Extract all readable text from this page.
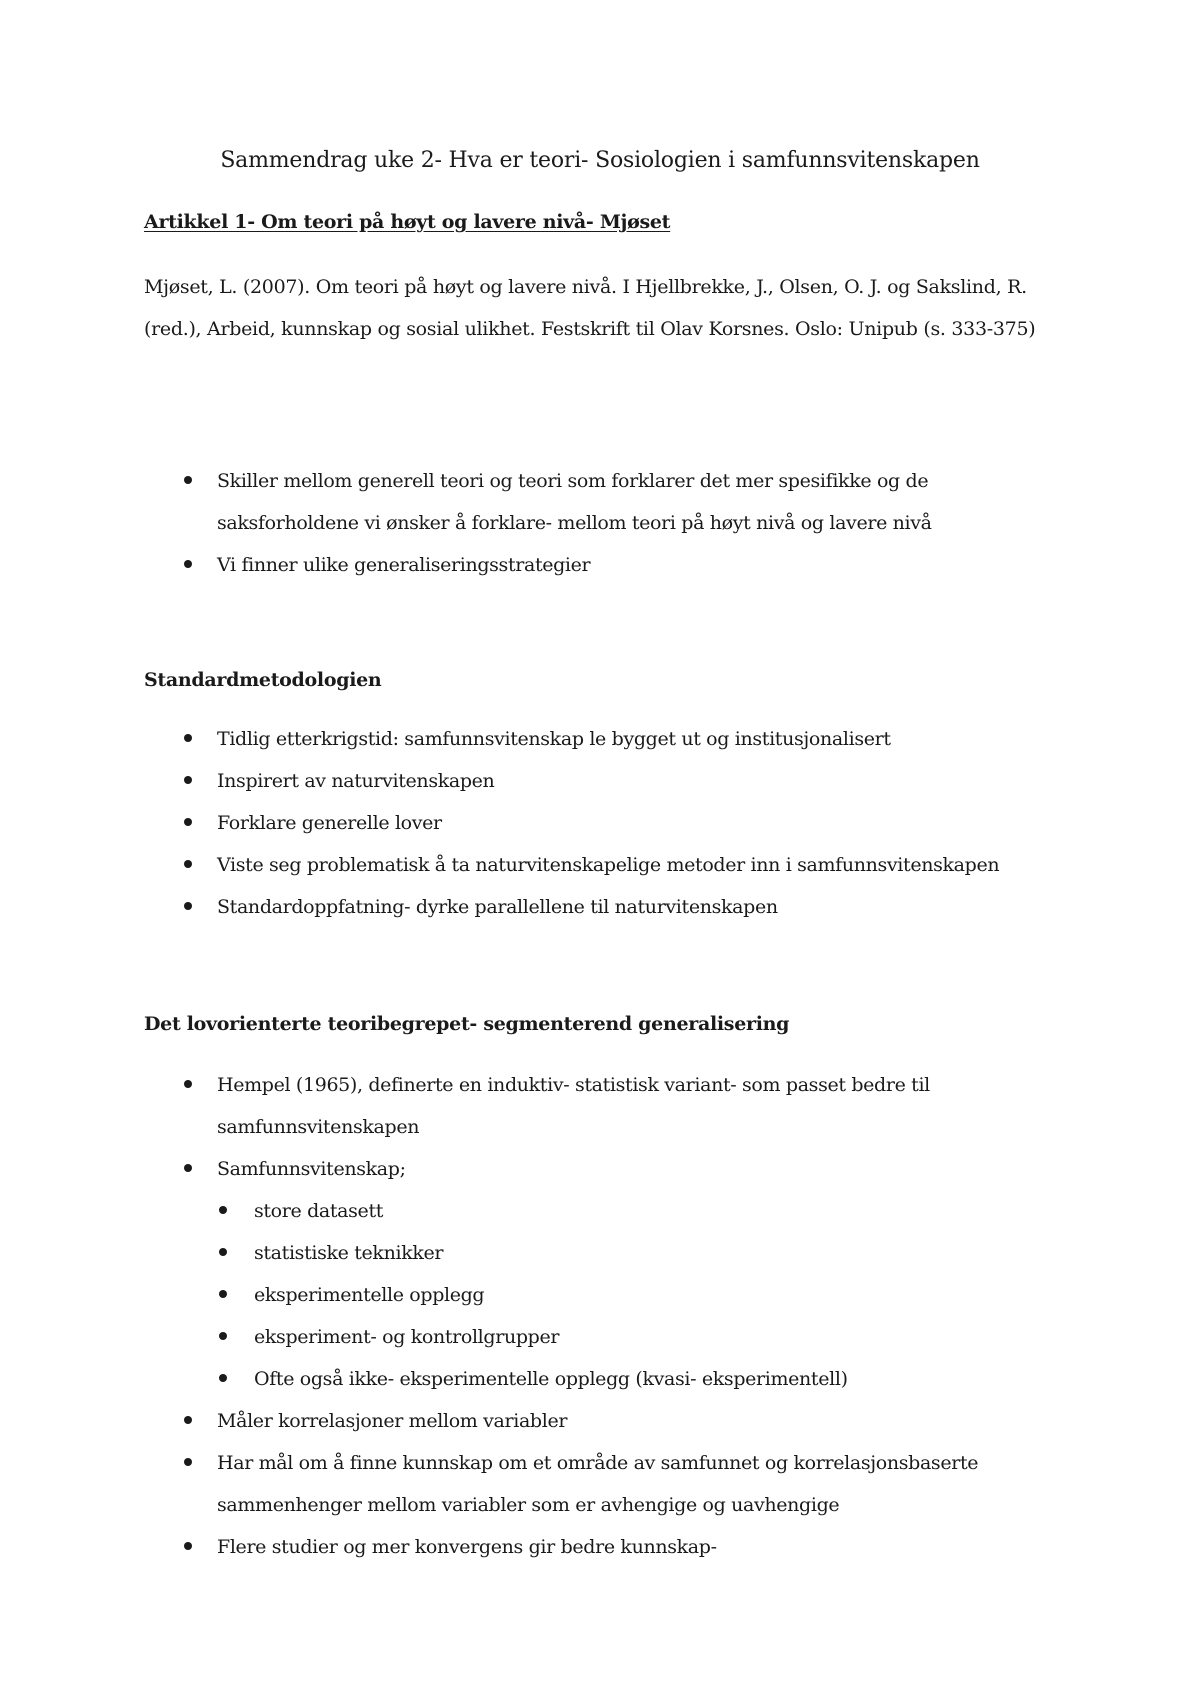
Sammendrag uke 2- Hva er teori- Sosiologien i samfunnsvitenskapen
Artikkel 1- Om teori på høyt og lavere nivå- Mjøset

Mjøset, L. (2007). Om teori på høyt og lavere nivå. I Hjellbrekke, J., Olsen, O. J. og Sakslind, R. (red.), Arbeid, kunnskap og sosial ulikhet. Festskrift til Olav Korsnes. Oslo: Unipub (s. 333-375)

Skiller mellom generell teori og teori som forklarer det mer spesifikke og de saksforholdene vi ønsker å forklare- mellom teori på høyt nivå og lavere nivå
Vi finner ulike generaliseringsstrategier
Standardmetodologien
Tidlig etterkrigstid: samfunnsvitenskap le bygget ut og institusjonalisert
Inspirert av naturvitenskapen
Forklare generelle lover
Viste seg problematisk å ta naturvitenskapelige metoder inn i samfunnsvitenskapen
Standardoppfatning- dyrke parallellene til naturvitenskapen
Det lovorienterte teoribegrepet- segmenterend generalisering
Hempel (1965), definerte en induktiv- statistisk variant- som passet bedre til samfunnsvitenskapen
Samfunnsvitenskap;
store datasett
statistiske teknikker
eksperimentelle opplegg
eksperiment- og kontrollgrupper
Ofte også ikke- eksperimentelle opplegg (kvasi- eksperimentell)
Måler korrelasjoner mellom variabler
Har mål om å finne kunnskap om et område av samfunnet og korrelasjonsbaserte sammenhenger mellom variabler som er avhengige og uavhengige
Flere studier og mer konvergens gir bedre kunnskap-
